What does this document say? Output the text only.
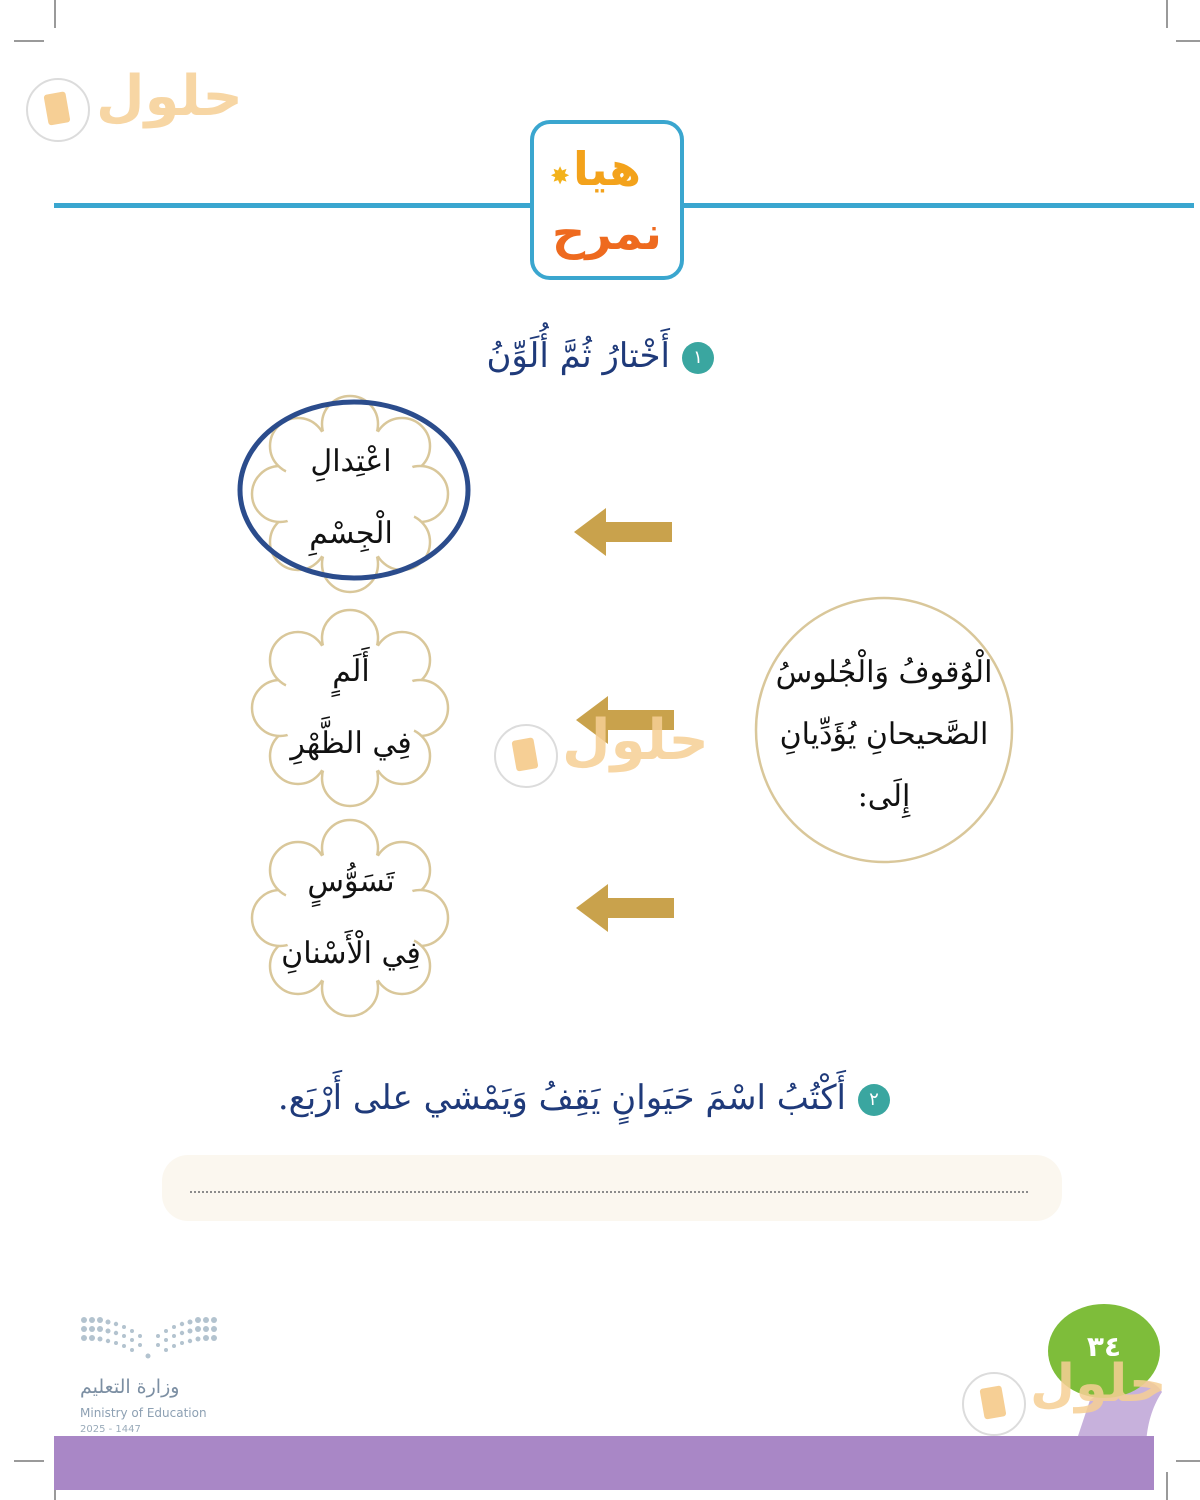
حلول
✸ هيا
نمرح
١أَخْتارُ ثُمَّ أُلَوِّنُ
اعْتِدالِ
الْجِسْمِ
أَلَمٍ
فِي الظَّهْرِ
تَسَوُّسٍ
فِي الْأَسْنانِ
الْوُقوفُ وَالْجُلوسُ
الصَّحيحانِ يُؤَدِّيانِ
إِلَى:
حلول
٢أَكْتُبُ اسْمَ حَيَوانٍ يَقِفُ وَيَمْشي على أَرْبَع.
وزارة التعليم
Ministry of Education
2025 - 1447
٣٤
حلول
